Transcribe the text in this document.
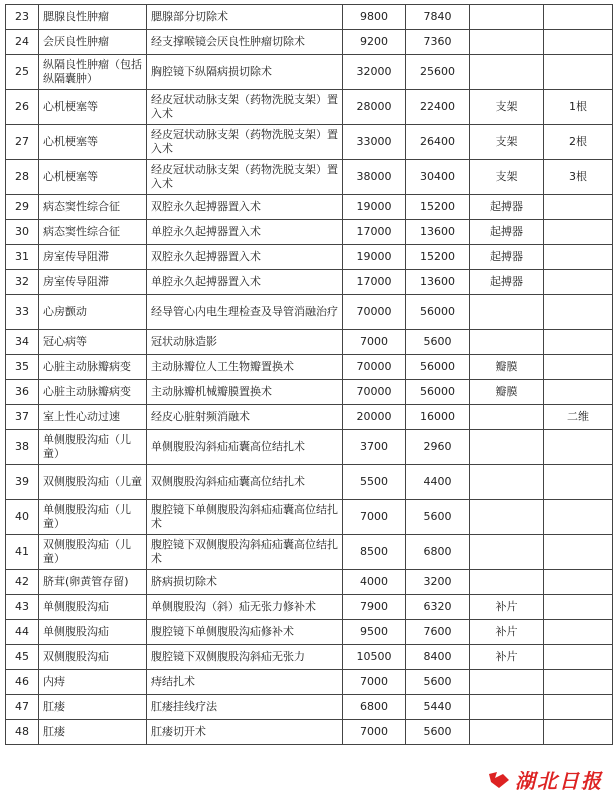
23	腮腺良性肿瘤	腮腺部分切除术	9800	7840		
24	会厌良性肿瘤	经支撑喉镜会厌良性肿瘤切除术	9200	7360		
25	纵隔良性肿瘤（包括纵隔囊肿）	胸腔镜下纵隔病损切除术	32000	25600		
26	心机梗塞等	经皮冠状动脉支架（药物洗脱支架）置入术	28000	22400	支架	1根
27	心机梗塞等	经皮冠状动脉支架（药物洗脱支架）置入术	33000	26400	支架	2根
28	心机梗塞等	经皮冠状动脉支架（药物洗脱支架）置入术	38000	30400	支架	3根
29	病态窦性综合征	双腔永久起搏器置入术	19000	15200	起搏器	
30	病态窦性综合征	单腔永久起搏器置入术	17000	13600	起搏器	
31	房室传导阻滞	双腔永久起搏器置入术	19000	15200	起搏器	
32	房室传导阻滞	单腔永久起搏器置入术	17000	13600	起搏器	
33	心房颤动	经导管心内电生理检查及导管消融治疗	70000	56000		
34	冠心病等	冠状动脉造影	7000	5600		
35	心脏主动脉瓣病变	主动脉瓣位人工生物瓣置换术	70000	56000	瓣膜	
36	心脏主动脉瓣病变	主动脉瓣机械瓣膜置换术	70000	56000	瓣膜	
37	室上性心动过速	经皮心脏射频消融术	20000	16000		二维
38	单侧腹股沟疝（儿童）	单侧腹股沟斜疝疝囊高位结扎术	3700	2960		
39	双侧腹股沟疝（儿童	双侧腹股沟斜疝疝囊高位结扎术	5500	4400		
40	单侧腹股沟疝（儿童）	腹腔镜下单侧腹股沟斜疝疝囊高位结扎术	7000	5600		
41	双侧腹股沟疝（儿童）	腹腔镜下双侧腹股沟斜疝疝囊高位结扎术	8500	6800		
42	脐茸(卵黄管存留)	脐病损切除术	4000	3200		
43	单侧腹股沟疝	单侧腹股沟（斜）疝无张力修补术	7900	6320	补片	
44	单侧腹股沟疝	腹腔镜下单侧腹股沟疝修补术	9500	7600	补片	
45	双侧腹股沟疝	腹腔镜下双侧腹股沟斜疝无张力	10500	8400	补片	
46	内痔	痔结扎术	7000	5600		
47	肛瘘	肛瘘挂线疗法	6800	5440		
48	肛瘘	肛瘘切开术	7000	5600		
湖北日报
